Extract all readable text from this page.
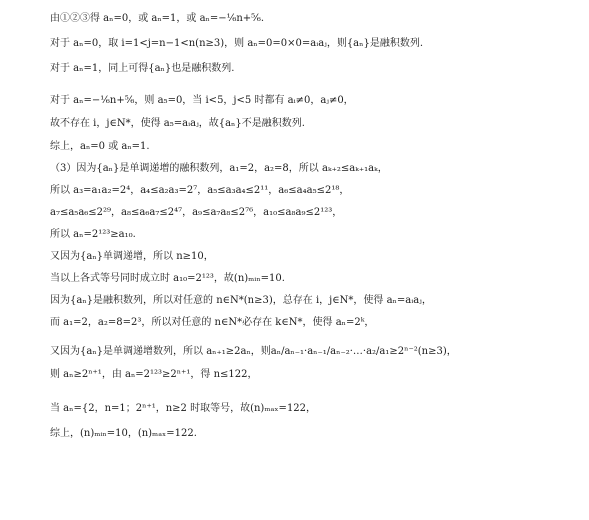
由①②③得 aₙ=0，或 aₙ=1，或 aₙ=−¹⁄₆n+⁵⁄₆.
对于 aₙ=0，取 i=1<j=n−1<n(n≥3)，则 aₙ=0=0×0=aᵢaⱼ，则{aₙ}是融积数列.
对于 aₙ=1，同上可得{aₙ}也是融积数列.
对于 aₙ=−¹⁄₆n+⁵⁄₆，则 a₅=0，当 i<5，j<5 时都有 aᵢ≠0，aⱼ≠0，
故不存在 i，j∈N*，使得 a₅=aᵢaⱼ，故{aₙ}不是融积数列.
综上，aₙ=0 或 aₙ=1.
（3）因为{aₙ}是单调递增的融积数列，a₁=2，a₂=8，所以 aₖ₊₂≤aₖ₊₁aₖ，
所以 a₃=a₁a₂=2⁴，a₄≤a₂a₃=2⁷，a₅≤a₃a₄≤2¹¹，a₆≤a₄a₅≤2¹⁸，
a₇≤a₅a₆≤2²⁹，a₈≤a₆a₇≤2⁴⁷，a₉≤a₇a₈≤2⁷⁶，a₁₀≤a₈a₉≤2¹²³，
所以 aₙ=2¹²³≥a₁₀.
又因为{aₙ}单调递增，所以 n≥10，
当以上各式等号同时成立时 a₁₀=2¹²³，故(n)ₘᵢₙ=10.
因为{aₙ}是融积数列，所以对任意的 n∈N*(n≥3)，总存在 i，j∈N*，使得 aₙ=aᵢaⱼ，
而 a₁=2，a₂=8=2³，所以对任意的 n∈N*必存在 k∈N*，使得 aₙ=2ᵏ，
又因为{aₙ}是单调递增数列，所以 aₙ₊₁≥2aₙ，则aₙ/aₙ₋₁·aₙ₋₁/aₙ₋₂·…·a₂/a₁≥2ⁿ⁻²(n≥3)，
则 aₙ≥2ⁿ⁺¹，由 aₙ=2¹²³≥2ⁿ⁺¹，得 n≤122，
当 aₙ={2，n=1；2ⁿ⁺¹，n≥2 时取等号，故(n)ₘₐₓ=122，
综上，(n)ₘᵢₙ=10，(n)ₘₐₓ=122.
